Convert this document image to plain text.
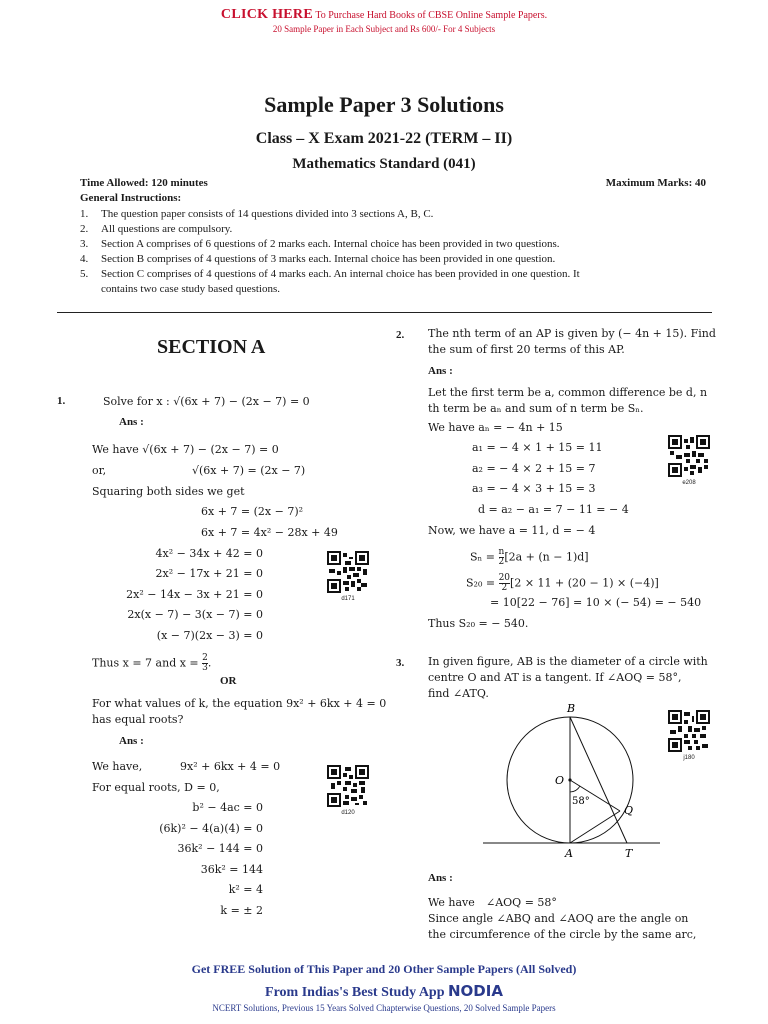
CLICK HERE To Purchase Hard Books of CBSE Online Sample Papers.
20 Sample Paper in Each Subject and Rs 600/- For 4 Subjects
Sample Paper 3 Solutions
Class – X Exam 2021-22 (TERM – II)
Mathematics Standard (041)
Time Allowed: 120 minutes	Maximum Marks: 40
General Instructions:
1.	The question paper consists of 14 questions divided into 3 sections A, B, C.
2.	All questions are compulsory.
3.	Section A comprises of 6 questions of 2 marks each. Internal choice has been provided in two questions.
4.	Section B comprises of 4 questions of 3 marks each. Internal choice has been provided in one question.
5.	Section C comprises of 4 questions of 4 marks each. An internal choice has been provided in one question. It
contains two case study based questions.
SECTION A
1.	Solve for x : √(6x + 7) − (2x − 7) = 0
Ans :
We have √(6x + 7) − (2x − 7) = 0
or,	√(6x + 7) = (2x − 7)
Squaring both sides we get
6x + 7 = (2x − 7)²
6x + 7 = 4x² − 28x + 49
4x² − 34x + 42 = 0
2x² − 17x + 21 = 0
2x² − 14x − 3x + 21 = 0
2x(x − 7) − 3(x − 7) = 0
(x − 7)(2x − 3) = 0
Thus x = 7 and $x = \frac{2}{3}$ .
d171
OR
For what values of k, the equation 9x² + 6kx + 4 = 0
has equal roots?
Ans :
We have,	9x² + 6kx + 4 = 0
For equal roots, D = 0,
b² − 4ac = 0
(6k)² − 4(a)(4) = 0
36k² − 144 = 0
36k² = 144
k² = 4
k = ± 2
d120
2. The nth term of an AP is given by (− 4n + 15). Find
the sum of first 20 terms of this AP.
Ans :
Let the first term be a, common difference be d, n
th term be aₙ and sum of n term be Sₙ.
We have aₙ = − 4n + 15
a₁ = − 4 × 1 + 15 = 11
a₂ = − 4 × 2 + 15 = 7
a₃ = − 4 × 3 + 15 = 3
d = a₂ − a₁ = 7 − 11 = − 4
Now, we have a = 11, d = − 4
$S_n = \frac{n}{2} [2a + (n - 1)d]$
$S_{20} = \frac{20}{2} [2 \times 11 + (20 - 1) \times (-4)]$
= 10[22 − 76] = 10 × (− 54) = − 540
Thus S₂₀ = − 540.
e208
3. In given figure, AB is the diameter of a circle with
centre O and AT is a tangent. If ∠AOQ = 58°,
find ∠ATQ.
j180
B
O
58°
Q
A	T
Ans :
We have ∠AOQ = 58°
Since angle ∠ABQ and ∠AOQ are the angle on
the circumference of the circle by the same arc,
Get FREE Solution of This Paper and 20 Other Sample Papers (All Solved)
From Indias's Best Study App NODIA
NCERT Solutions, Previous 15 Years Solved Chapterwise Questions, 20 Solved Sample Papers
